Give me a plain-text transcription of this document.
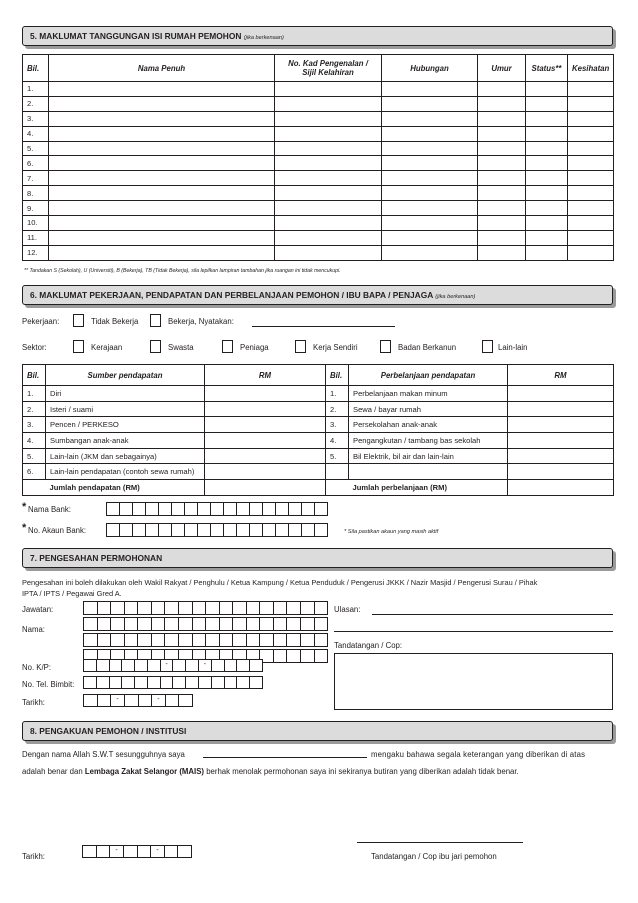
5. MAKLUMAT TANGGUNGAN ISI RUMAH PEMOHON (jika berkenaan)
Bil.	Nama Penuh	No. Kad Pengenalan /
Sijil Kelahiran	Hubungan	Umur	Status**	Kesihatan
1.						
2.						
3.						
4.						
5.						
6.						
7.						
8.						
9.						
10.						
11.						
12.						
** Tandakan S (Sekolah), U (Universiti), B (Bekerja), TB (Tidak Bekerja), sila lepilkan lampiran tambahan jika ruangan ini tidak mencukupi.
6. MAKLUMAT PEKERJAAN, PENDAPATAN DAN PERBELANJAAN PEMOHON / IBU BAPA / PENJAGA (jika berkenaan)
Pekerjaan:	Tidak Bekerja	Bekerja, Nyatakan:
Sektor:	Kerajaan	Swasta	Peniaga	Kerja Sendiri	Badan Berkanun	Lain-lain
Bil.	Sumber pendapatan	RM	Bil.	Perbelanjaan pendapatan	RM
1.	Diri		1.	Perbelanjaan makan minum	
2.	Isteri / suami		2.	Sewa / bayar rumah	
3.	Pencen / PERKESO		3.	Persekolahan anak-anak	
4.	Sumbangan anak-anak		4.	Pengangkutan / tambang bas sekolah	
5.	Lain-lain (JKM dan sebagainya)		5.	Bil Elektrik, bil air dan lain-lain	
6.	Lain-lain pendapatan (contoh sewa rumah)				
	Jumlah pendapatan (RM)			Jumlah perbelanjaan (RM)	
* Nama Bank:
* No. Akaun Bank:	* Sila pastikan akaun yang masih aktif
7. PENGESAHAN PERMOHONAN
Pengesahan ini boleh dilakukan oleh Wakil Rakyat / Penghulu / Ketua Kampung / Ketua Penduduk / Pengerusi JKKK / Nazir Masjid / Pengerusi Surau / Pihak
IPTA / IPTS / Pegawai Gred A.
Jawatan:
Nama:
No. K/P:	-	-
No. Tel. Bimbit:
Tarikh:	-	-
Ulasan:
Tandatangan / Cop:
8. PENGAKUAN PEMOHON / INSTITUSI
Dengan nama Allah S.W.T sesungguhnya saya	mengaku bahawa segala keterangan yang diberikan di atas
adalah benar dan Lembaga Zakat Selangor (MAIS) berhak menolak permohonan saya ini sekiranya butiran yang diberikan adalah tidak benar.
Tarikh:
-	-
Tandatangan / Cop ibu jari pemohon
